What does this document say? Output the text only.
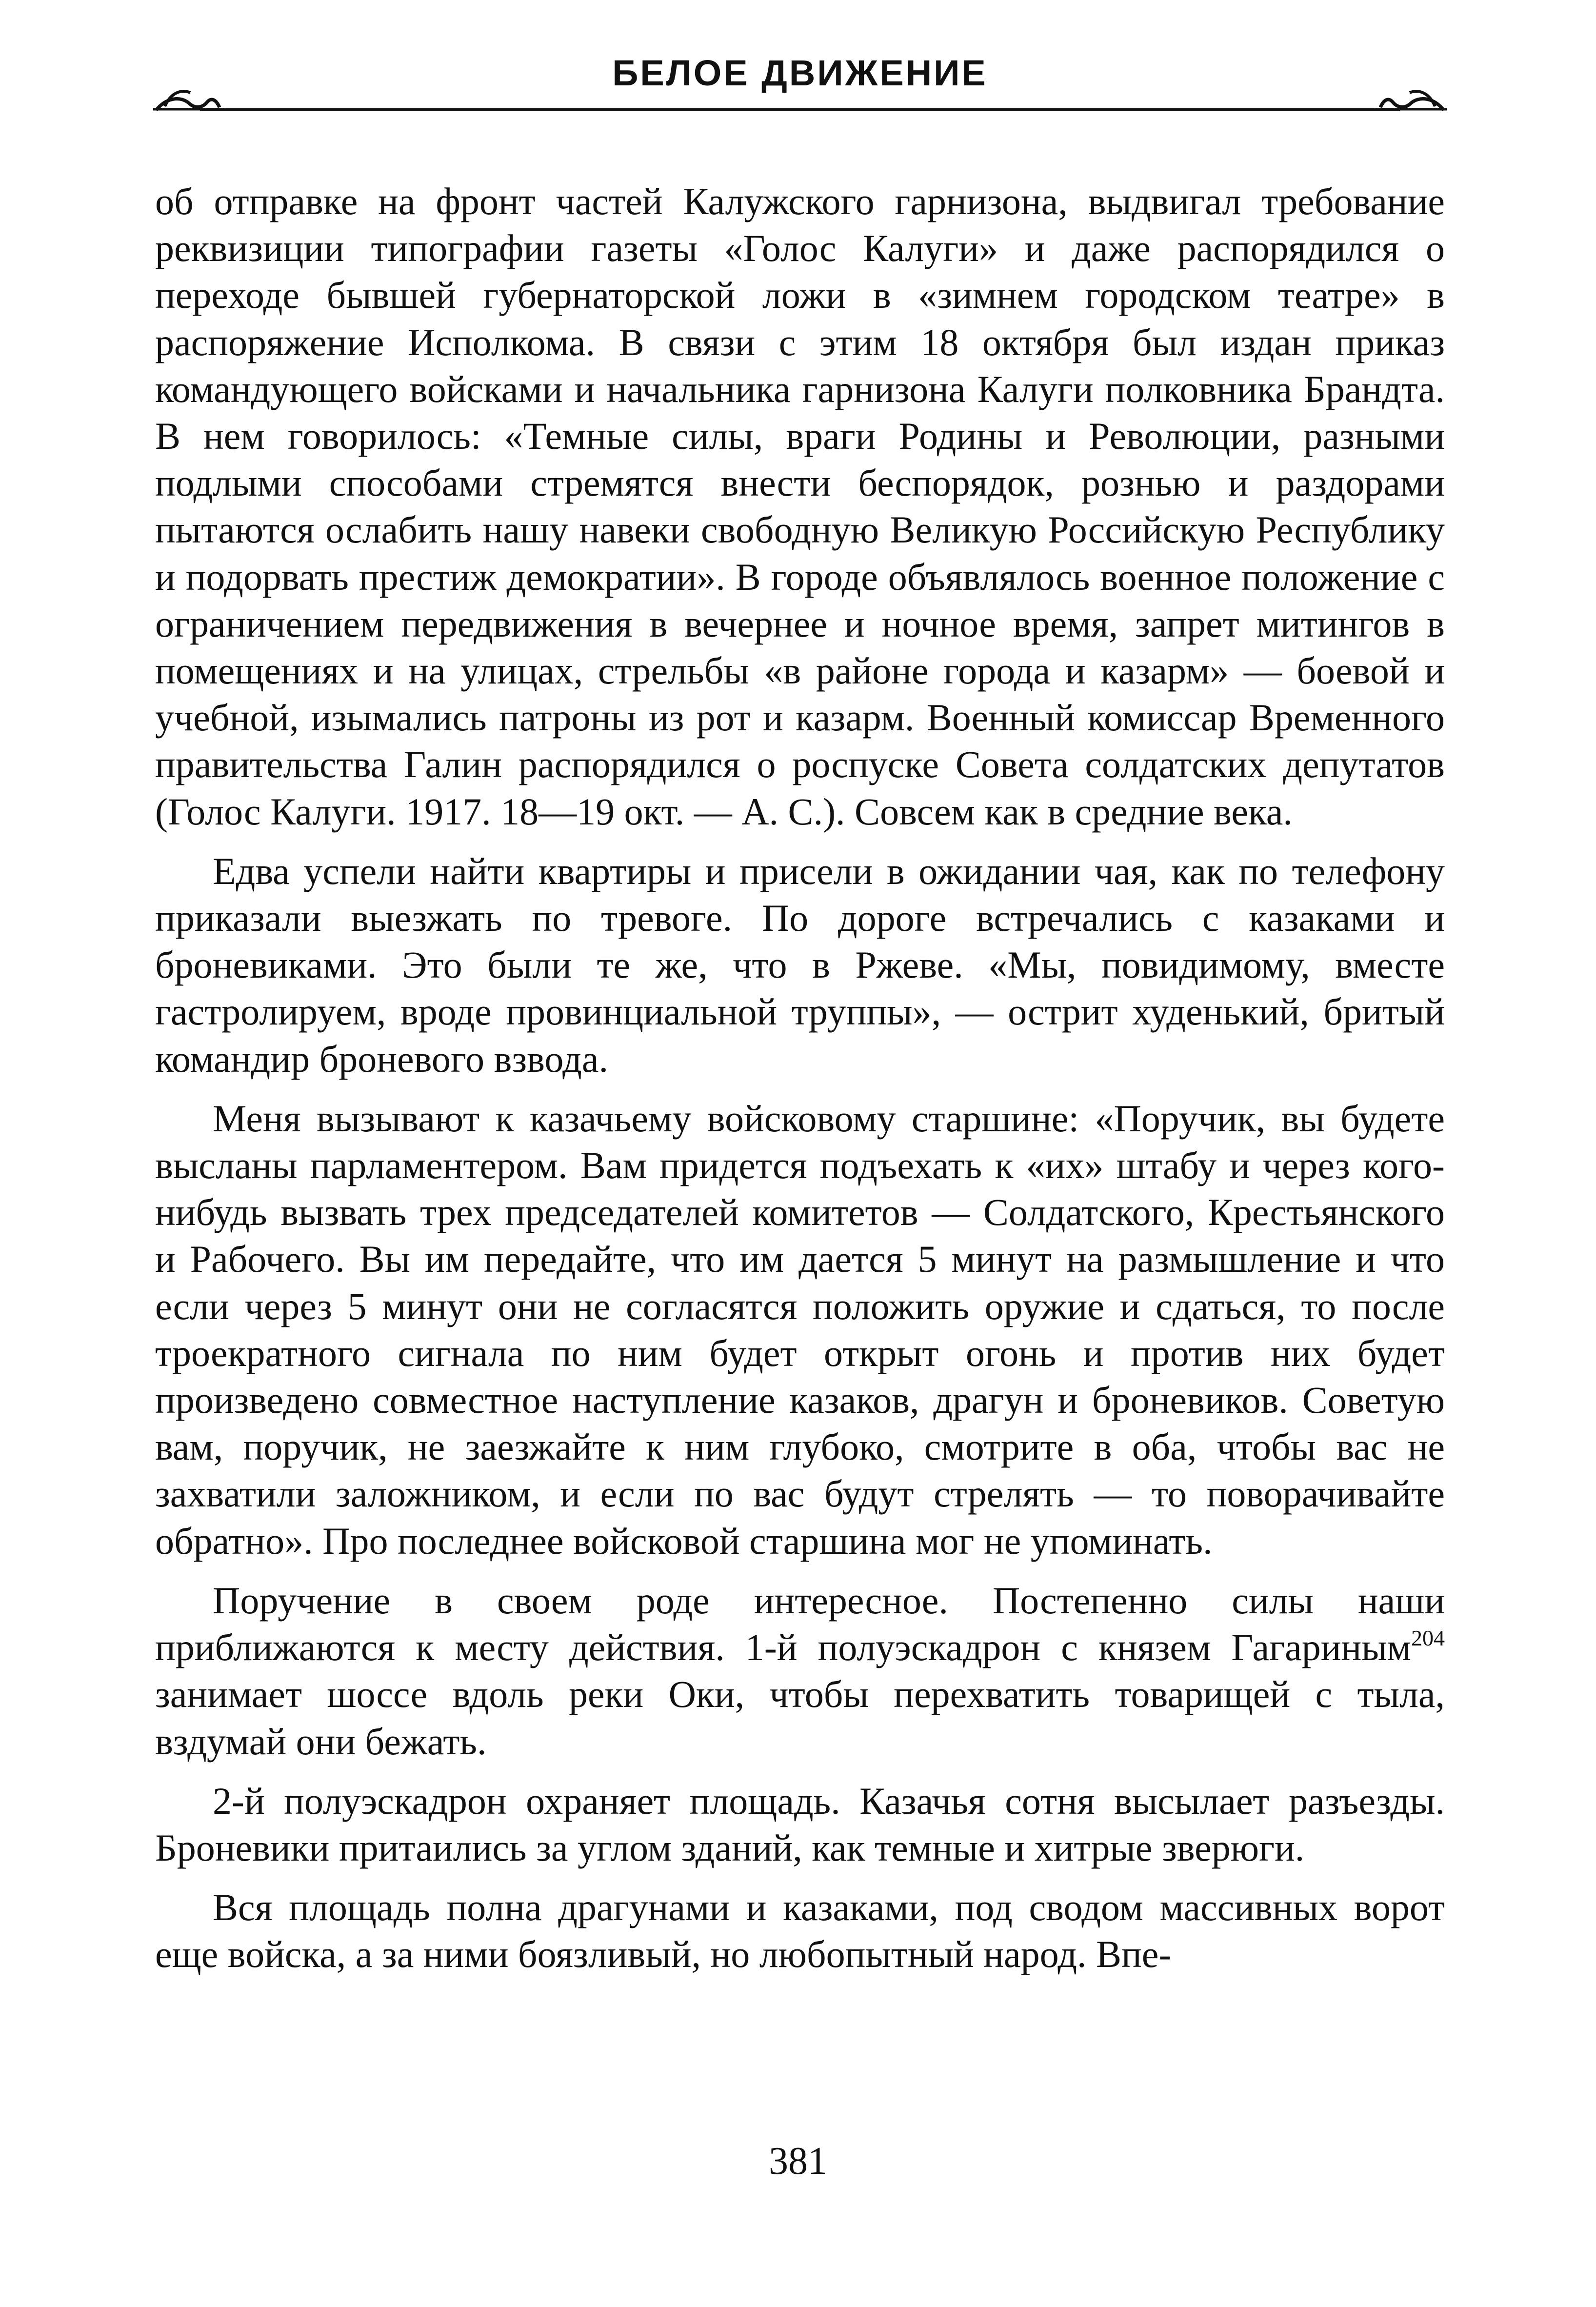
БЕЛОЕ ДВИЖЕНИЕ

об отправке на фронт частей Калужского гарнизона, выдвигал требование реквизиции типографии газеты «Голос Калуги» и даже распорядился о переходе бывшей губернаторской ложи в «зимнем городском театре» в распоряжение Исполкома. В связи с этим 18 октября был издан приказ командующего войсками и начальника гарнизона Калуги полковника Брандта. В нем говорилось: «Темные силы, враги Родины и Революции, разными подлыми способами стремятся внести беспорядок, рознью и раздорами пытаются ослабить нашу навеки свободную Великую Российскую Республику и подорвать престиж демократии». В городе объявлялось военное положение с ограничением передвижения в вечернее и ночное время, запрет митингов в помещениях и на улицах, стрельбы «в районе города и казарм» — боевой и учебной, изымались патроны из рот и казарм. Военный комиссар Временного правительства Галин распорядился о роспуске Совета солдатских депутатов (Голос Калуги. 1917. 18—19 окт. — А. С.). Совсем как в средние века.

Едва успели найти квартиры и присели в ожидании чая, как по телефону приказали выезжать по тревоге. По дороге встречались с казаками и броневиками. Это были те же, что в Ржеве. «Мы, повидимому, вместе гастролируем, вроде провинциальной труппы», — острит худенький, бритый командир броневого взвода.

Меня вызывают к казачьему войсковому старшине: «Поручик, вы будете высланы парламентером. Вам придется подъехать к «их» штабу и через кого-нибудь вызвать трех председателей комитетов — Солдатского, Крестьянского и Рабочего. Вы им передайте, что им дается 5 минут на размышление и что если через 5 минут они не согласятся положить оружие и сдаться, то после троекратного сигнала по ним будет открыт огонь и против них будет произведено совместное наступление казаков, драгун и броневиков. Советую вам, поручик, не заезжайте к ним глубоко, смотрите в оба, чтобы вас не захватили заложником, и если по вас будут стрелять — то поворачивайте обратно». Про последнее войсковой старшина мог не упоминать.

Поручение в своем роде интересное. Постепенно силы наши приближаются к месту действия. 1-й полуэскадрон с князем Гагариным$^{204}$ занимает шоссе вдоль реки Оки, чтобы перехватить товарищей с тыла, вздумай они бежать.

2-й полуэскадрон охраняет площадь. Казачья сотня высылает разъезды. Броневики притаились за углом зданий, как темные и хитрые зверюги.

Вся площадь полна драгунами и казаками, под сводом массивных ворот еще войска, а за ними боязливый, но любопытный народ. Впе-

381
